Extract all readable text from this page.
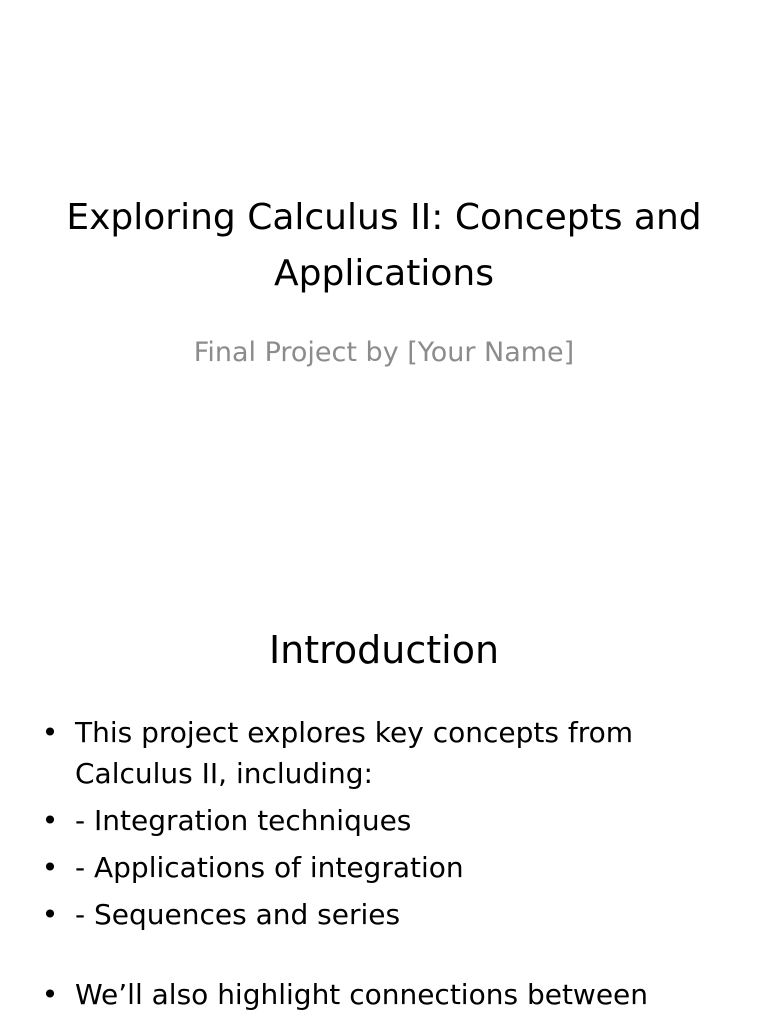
Exploring Calculus II: Concepts and Applications

Final Project by [Your Name]

Introduction
• This project explores key concepts from Calculus II, including:
• - Integration techniques
• - Applications of integration
• - Sequences and series
• We’ll also highlight connections between
